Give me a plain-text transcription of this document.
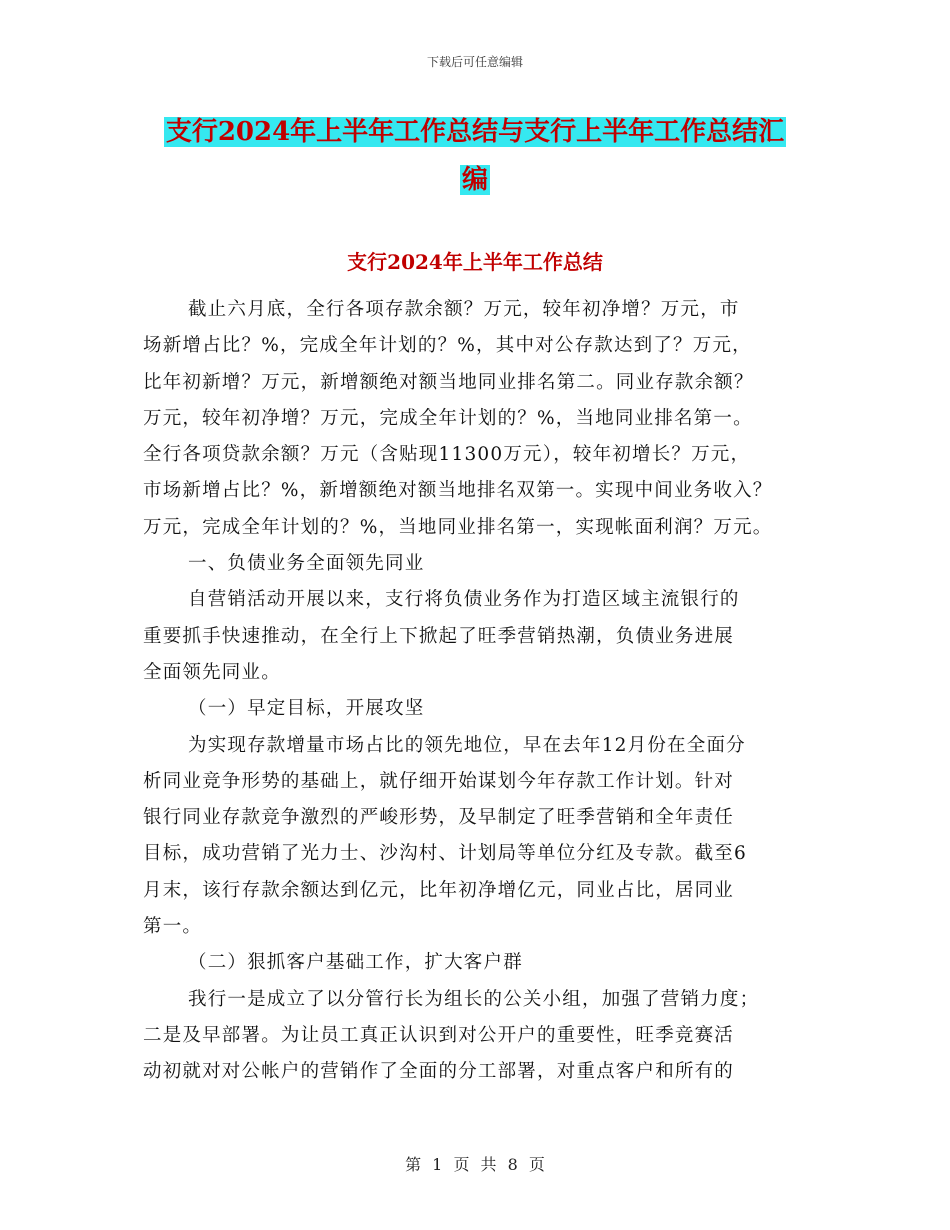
下载后可任意编辑
支行2024年上半年工作总结与支行上半年工作总结汇
编
支行2024年上半年工作总结
截止六月底，全行各项存款余额？万元，较年初净增？万元，市
场新增占比？%，完成全年计划的？%，其中对公存款达到了？万元，
比年初新增？万元，新增额绝对额当地同业排名第二。同业存款余额？
万元，较年初净增？万元，完成全年计划的？%，当地同业排名第一。
全行各项贷款余额？万元（含贴现11300万元），较年初增长？万元，
市场新增占比？%，新增额绝对额当地排名双第一。实现中间业务收入？
万元，完成全年计划的？%，当地同业排名第一，实现帐面利润？万元。
一、负债业务全面领先同业
自营销活动开展以来，支行将负债业务作为打造区域主流银行的
重要抓手快速推动，在全行上下掀起了旺季营销热潮，负债业务进展
全面领先同业。
（一）早定目标，开展攻坚
为实现存款增量市场占比的领先地位，早在去年12月份在全面分
析同业竞争形势的基础上，就仔细开始谋划今年存款工作计划。针对
银行同业存款竞争激烈的严峻形势，及早制定了旺季营销和全年责任
目标，成功营销了光力士、沙沟村、计划局等单位分红及专款。截至6
月末，该行存款余额达到亿元，比年初净增亿元，同业占比，居同业
第一。
（二）狠抓客户基础工作，扩大客户群
我行一是成立了以分管行长为组长的公关小组，加强了营销力度；
二是及早部署。为让员工真正认识到对公开户的重要性，旺季竞赛活
动初就对对公帐户的营销作了全面的分工部署，对重点客户和所有的
第 1 页 共 8 页
